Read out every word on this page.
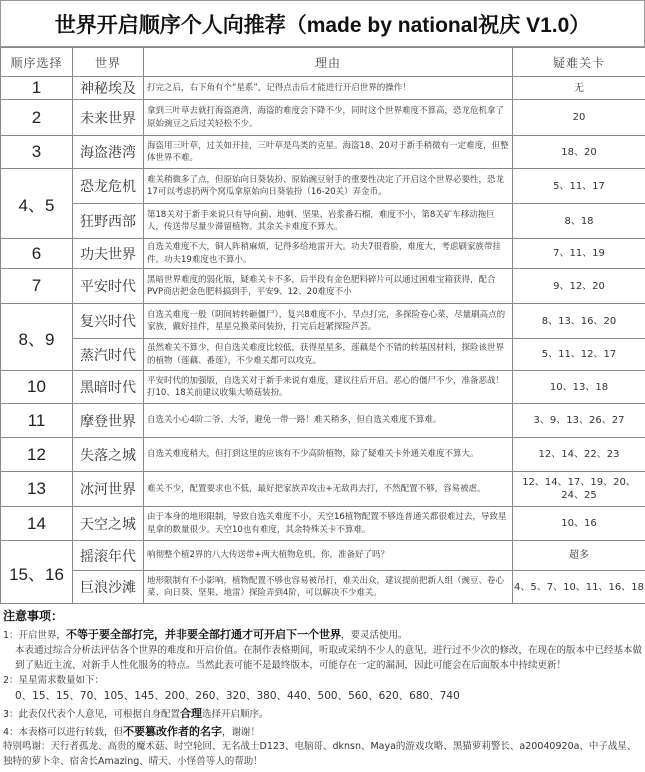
世界开启顺序个人向推荐（made by national祝庆 V1.0）
顺序选择	世界	理由	疑难关卡
1	神秘埃及	打完之后，右下角有个“星系”，记得点击后才能进行开启世界的操作！	无
2	未来世界	拿到三叶草去就打海盗港湾，海盗的难度会下降不少，同时这个世界难度不算高，恐龙危机拿了原始豌豆之后过关轻松不少。	20
3	海盗港湾	海盗用三叶草，过关如开挂，三叶草是鸟类的克星。海盗18、20对于新手稍微有一定难度，但整体世界不难。	18、20
4、5	恐龙危机	难关稍微多了点，但原始向日葵装扮、原始豌豆射手的重要性决定了开启这个世界必要性，恐龙17可以考虑扔两个窝瓜拿原始向日葵装扮（16-20关）弄金币。	5、11、17
	狂野西部	第18关对于新手来说只有导向蓟、地刺、坚果、岩浆番石榴，难度不小，第8关矿车移动拖巨人，传送带尽量少滞留植物。其余关卡难度不算大。	8、18
6	功夫世界	自选关难度不大，铜人阵稍麻烦，记得多给地雷开大。功夫7很看脸，难度大，考虑刷家族带挂件。功夫19难度也不算小。	7、11、19
7	平安时代	黑暗世界难度的弱化版，疑难关卡不多，后半段有金色肥料碎片可以通过困难宝箱获得，配合PVP商店把金色肥料搞到手，平安9、12、20难度不小	9、12、20
8、9	复兴时代	自选关难度一般（阴间转转砸僵尸），复兴8难度不小，早点打完，多探险卷心菜，尽量刷高点的家族，戴好挂件，星星兑换菜问装扮，打完后赶紧探险芦荟。	8、13、16、20
	蒸汽时代	虽然难关不算少，但自选关难度比较低，获得星星多，莲藕是个不错的转基因材料，探险该世界的植物（莲藕、番莲），不少难关都可以攻克。	5、11、12、17
10	黑暗时代	平安时代的加强版，自选关对于新手来说有难度，建议往后开启。恶心的僵尸不少，准备恶战！打10、18关前建议收集大喷菇装扮。	10、13、18
11	摩登世界	自选关小心4阶二爷、大爷，避免一带一路！难关稍多，但自选关难度不算难。	3、9、13、26、27
12	失落之城	自选关难度稍大，但打到这里的应该有不少高阶植物，除了疑难关卡外通关难度不算大。	12、14、22、23
13	冰河世界	难关不少，配置要求也不低，最好把家族弄攻击+无敌再去打，不然配置不够，容易被虐。	12、14、17、19、20、24、25
14	天空之城	由于本身的地形限制，导致自选关难度不小，天空16植物配置不够连普通关都很难过去，导致星星拿的数量很少。天空10也有难度，其余特殊关卡不算难。	10、16
15、16	摇滚年代	响彻整个植2界的八大传送带+两大植物危机，你，准备好了吗？	超多
	巨浪沙滩	地形限制有不小影响，植物配置不够也容易被吊打，难关出众，建议提前把新人组（豌豆、卷心菜、向日葵、坚果、地雷）探险弄到4阶，可以解决不少难关。	4、5、7、10、11、16、18
注意事项：
1：开启世界，不等于要全部打完，并非要全部打通才可开启下一个世界，要灵活使用。
本表通过综合分析法评估各个世界的难度和开启价值。在制作表格期间，听取或采纳不少人的意见，进行过不少次的修改，在现在的版本中已经基本做到了贴近主流、对新手人性化服务的特点。当然此表可能不是最终版本，可能存在一定的漏洞，因此可能会在后面版本中持续更新！
2：星星需求数量如下：
0、15、15、70、105、145、200、260、320、380、440、500、560、620、680、740
3：此表仅代表个人意见，可根据自身配置合理选择开启顺序。
4：本表格可以进行转载，但不要篡改作者的名字，谢谢！
特别鸣谢：天行者孤龙、高贵的魔术菇、时空轮回、无名战士D123、电脑哥、dknsn、Maya的游戏攻略、黑猫萝莉警长、a20040920a、中子战星、独特的萝卜伞、宿舍长Amazing、晴天、小怪兽等人的帮助！
